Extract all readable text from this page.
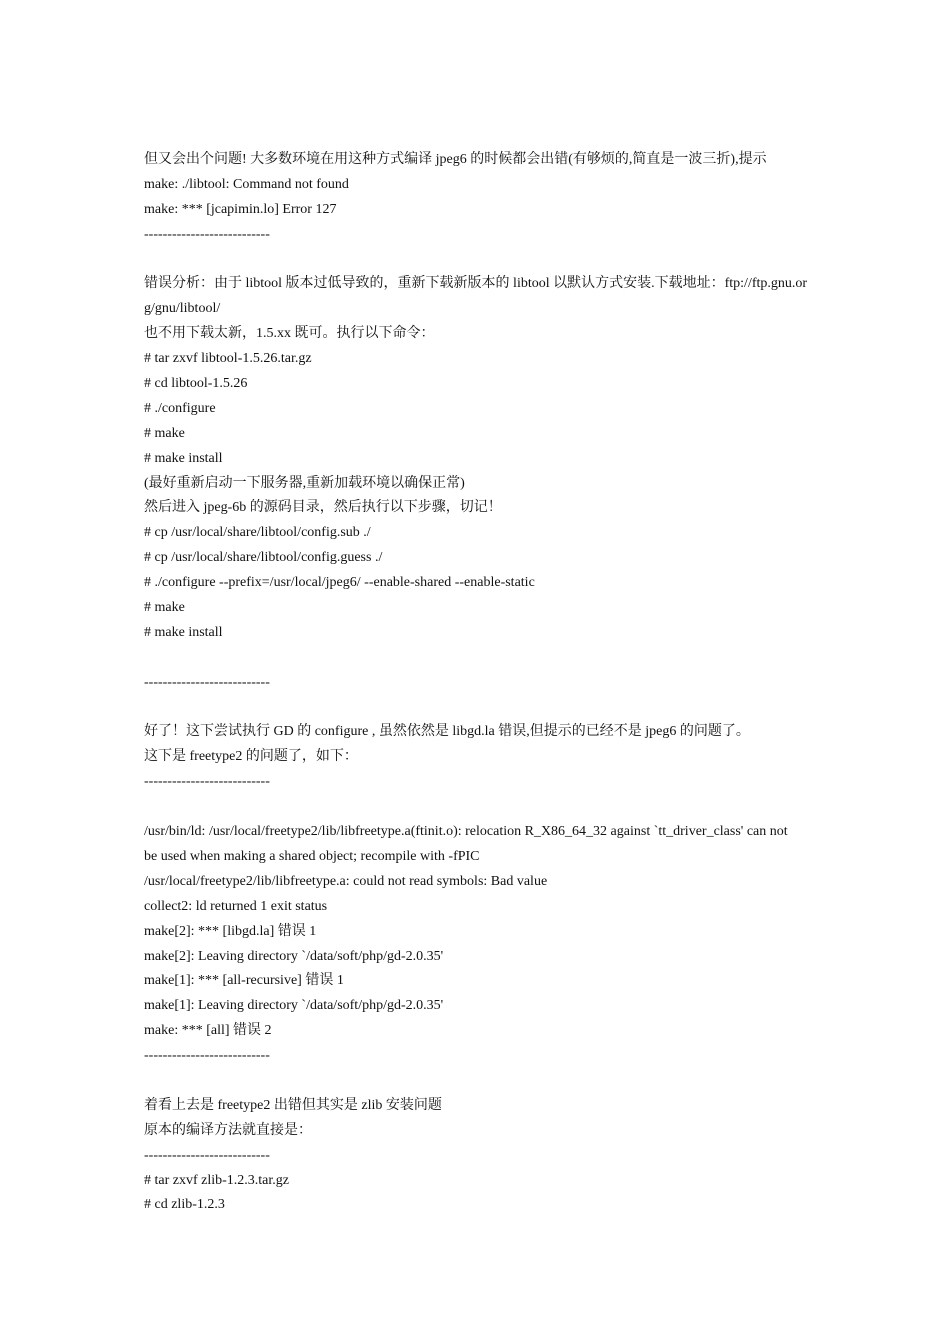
但又会出个问题! 大多数环境在用这种方式编译 jpeg6 的时候都会出错(有够烦的,简直是一波三折),提示
make: ./libtool: Command not found
make: *** [jcapimin.lo] Error 127
---------------------------
错误分析：由于 libtool 版本过低导致的，重新下载新版本的 libtool 以默认方式安装.下载地址：ftp://ftp.gnu.or
g/gnu/libtool/
也不用下载太新，1.5.xx 既可。执行以下命令：
# tar zxvf libtool-1.5.26.tar.gz
# cd libtool-1.5.26
# ./configure
# make
# make install
(最好重新启动一下服务器,重新加载环境以确保正常)
然后进入 jpeg-6b 的源码目录，然后执行以下步骤，切记！
# cp /usr/local/share/libtool/config.sub ./
# cp /usr/local/share/libtool/config.guess ./
# ./configure --prefix=/usr/local/jpeg6/ --enable-shared --enable-static
# make
# make install
---------------------------
好了！这下尝试执行 GD 的 configure , 虽然依然是 libgd.la 错误,但提示的已经不是 jpeg6 的问题了。
这下是 freetype2 的问题了，如下：
---------------------------
/usr/bin/ld: /usr/local/freetype2/lib/libfreetype.a(ftinit.o): relocation R_X86_64_32 against `tt_driver_class' can not
be used when making a shared object; recompile with -fPIC
/usr/local/freetype2/lib/libfreetype.a: could not read symbols: Bad value
collect2: ld returned 1 exit status
make[2]: *** [libgd.la] 错误 1
make[2]: Leaving directory `/data/soft/php/gd-2.0.35'
make[1]: *** [all-recursive] 错误 1
make[1]: Leaving directory `/data/soft/php/gd-2.0.35'
make: *** [all] 错误 2
---------------------------
着看上去是 freetype2 出错但其实是 zlib 安装问题
原本的编译方法就直接是：
---------------------------
# tar zxvf zlib-1.2.3.tar.gz
# cd zlib-1.2.3
